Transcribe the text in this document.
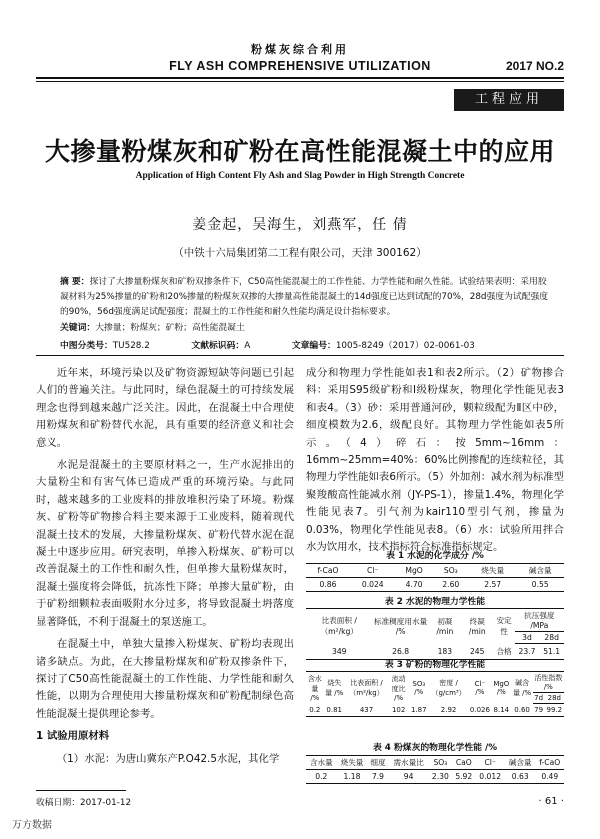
粉煤灰综合利用
FLY ASH COMPREHENSIVE UTILIZATION	2017 NO.2
工程应用
大掺量粉煤灰和矿粉在高性能混凝土中的应用
Application of High Content Fly Ash and Slag Powder in High Strength Concrete
姜金起，吴海生，刘燕军，任 倩
（中铁十六局集团第二工程有限公司，天津 300162）
摘 要：探讨了大掺量粉煤灰和矿粉双掺条件下，C50高性能混凝土的工作性能、力学性能和耐久性能。试验结果表明：采用胶凝材料为25%掺量的矿粉和20%掺量的粉煤灰双掺的大掺量高性能混凝土的14d强度已达到试配的70%，28d强度为试配强度的90%，56d强度满足试配强度；混凝土的工作性能和耐久性能均满足设计指标要求。
关键词：大掺量；粉煤灰；矿粉；高性能混凝土
中图分类号：TU528.2	文献标识码：A	文章编号：1005-8249（2017）02-0061-03

近年来，环境污染以及矿物资源短缺等问题已引起人们的普遍关注。与此同时，绿色混凝土的可持续发展理念也得到越来越广泛关注。因此，在混凝土中合理使用粉煤灰和矿粉替代水泥，具有重要的经济意义和社会意义。

水泥是混凝土的主要原材料之一，生产水泥排出的大量粉尘和有害气体已造成严重的环境污染。与此同时，越来越多的工业废料的排放堆积污染了环境。粉煤灰、矿粉等矿物掺合料主要来源于工业废料，随着现代混凝土技术的发展，大掺量粉煤灰、矿粉代替水泥在混凝土中逐步应用。研究表明，单掺入粉煤灰、矿粉可以改善混凝土的工作性和耐久性，但单掺大量粉煤灰时，混凝土强度将会降低，抗冻性下降；单掺大量矿粉，由于矿粉细颗粒表面吸附水分过多，将导致混凝土坍落度显著降低，不利于混凝土的泵送施工。

在混凝土中，单独大量掺入粉煤灰、矿粉均表现出诸多缺点。为此，在大掺量粉煤灰和矿粉双掺条件下，探讨了C50高性能混凝土的工作性能、力学性能和耐久性能，以期为合理使用大掺量粉煤灰和矿粉配制绿色高性能混凝土提供理论参考。

1 试验用原材料

（1）水泥：为唐山冀东产P.O42.5水泥，其化学

成分和物理力学性能如表1和表2所示。（2）矿物掺合料：采用S95级矿粉和Ⅰ级粉煤灰，物理化学性能见表3和表4。（3）砂：采用普通河砂，颗粒级配为Ⅱ区中砂，细度模数为2.6，级配良好。其物理力学性能如表5所示。（4）碎石：按5mm~16mm：16mm~25mm=40%：60%比例掺配的连续粒径，其物理力学性能如表6所示。（5）外加剂：减水剂为标准型聚羧酸高性能减水剂（JY-PS-1），掺量1.4%，物理化学性能见表7。引气剂为kair110型引气剂，掺量为0.03%，物理化学性能见表8。（6）水：试验所用拌合水为饮用水，技术指标符合标准指标规定。

表 1 水泥的化学成分 /%
f-CaO	Cl⁻	MgO	SO₃	烧失量	碱含量
0.86	0.024	4.70	2.60	2.57	0.55
表 2 水泥的物理力学性能
比表面积 /（m²/kg）	标准稠度用水量 /%	初凝 /min	终凝 /min	安定性	抗压强度 /MPa	
					3d	28d
349	26.8	183	245	合格	23.7	51.1
表 3 矿粉的物理化学性能
含水量 /%	烧失量 /%	比表面积 /（m²/kg）	流动度比 /%	SO₃ /%	密度 /（g/cm³）	Cl⁻ /%	MgO /%	碱含量 /%	活性指数 /%	
									7d	28d
0.2	0.81	437	102	1.87	2.92	0.026	8.14	0.60	79	99.2
表 4 粉煤灰的物理化学性能 /%
含水量	烧失量	细度	需水量比	SO₃	CaO	Cl⁻	碱含量	f-CaO
0.2	1.18	7.9	94	2.30	5.92	0.012	0.63	0.49
收稿日期：2017-01-12	· 61 ·
万方数据
